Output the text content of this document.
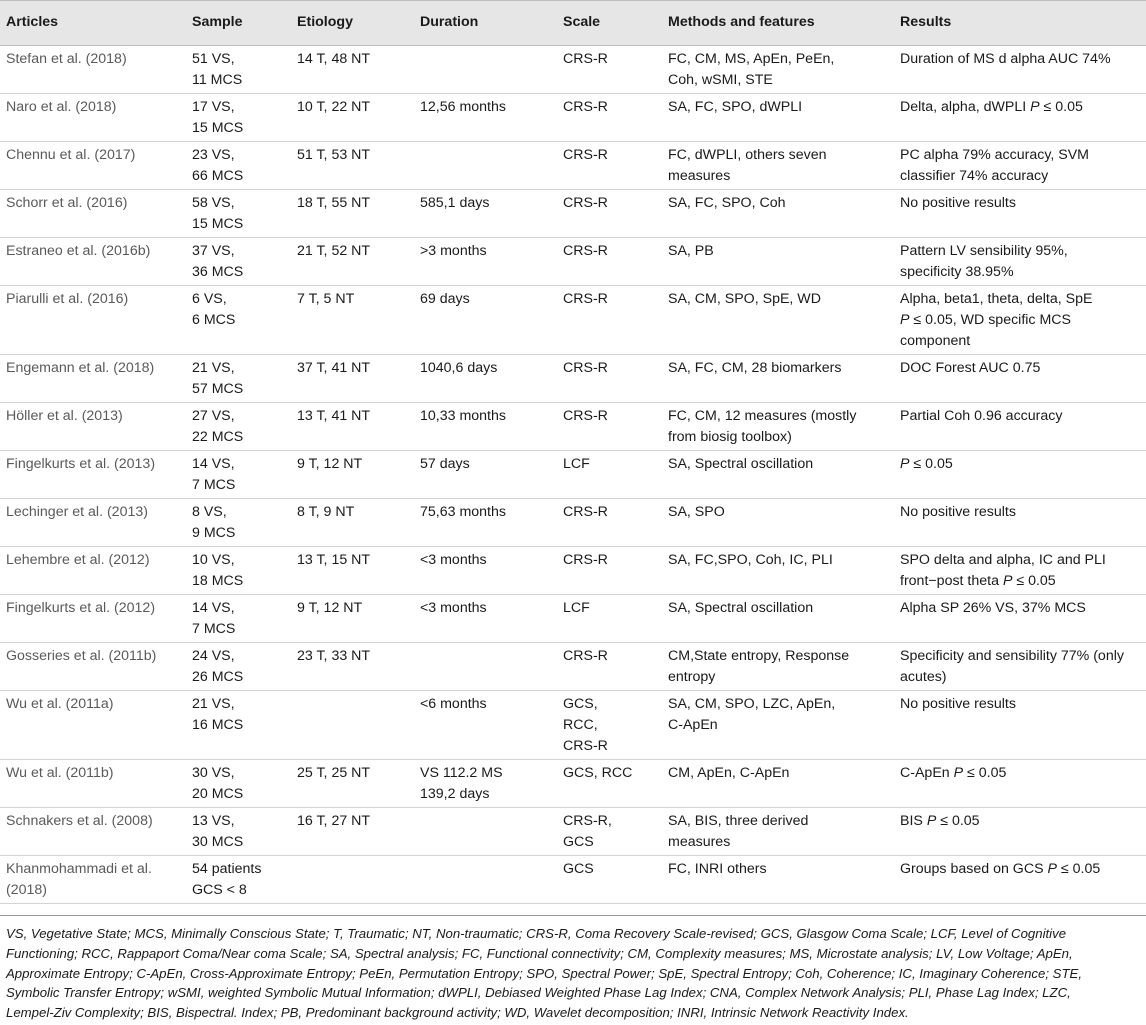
Articles	Sample	Etiology	Duration	Scale	Methods and features	Results

Stefan et al. (2018)	51 VS,
11 MCS	14 T, 48 NT		CRS-R	FC, CM, MS, ApEn, PeEn,
Coh, wSMI, STE	Duration of MS d alpha AUC 74%

Naro et al. (2018)	17 VS,
15 MCS	10 T, 22 NT	12,56 months	CRS-R	SA, FC, SPO, dWPLI	Delta, alpha, dWPLI P ≤ 0.05

Chennu et al. (2017)	23 VS,
66 MCS	51 T, 53 NT		CRS-R	FC, dWPLI, others seven
measures	PC alpha 79% accuracy, SVM
classifier 74% accuracy

Schorr et al. (2016)	58 VS,
15 MCS	18 T, 55 NT	585,1 days	CRS-R	SA, FC, SPO, Coh	No positive results

Estraneo et al. (2016b)	37 VS,
36 MCS	21 T, 52 NT	>3 months	CRS-R	SA, PB	Pattern LV sensibility 95%,
specificity 38.95%

Piarulli et al. (2016)	6 VS,
6 MCS	7 T, 5 NT	69 days	CRS-R	SA, CM, SPO, SpE, WD	Alpha, beta1, theta, delta, SpE
P ≤ 0.05, WD specific MCS
component

Engemann et al. (2018)	21 VS,
57 MCS	37 T, 41 NT	1040,6 days	CRS-R	SA, FC, CM, 28 biomarkers	DOC Forest AUC 0.75

Höller et al. (2013)	27 VS,
22 MCS	13 T, 41 NT	10,33 months	CRS-R	FC, CM, 12 measures (mostly
from biosig toolbox)	Partial Coh 0.96 accuracy

Fingelkurts et al. (2013)	14 VS,
7 MCS	9 T, 12 NT	57 days	LCF	SA, Spectral oscillation	P ≤ 0.05

Lechinger et al. (2013)	8 VS,
9 MCS	8 T, 9 NT	75,63 months	CRS-R	SA, SPO	No positive results

Lehembre et al. (2012)	10 VS,
18 MCS	13 T, 15 NT	<3 months	CRS-R	SA, FC,SPO, Coh, IC, PLI	SPO delta and alpha, IC and PLI
front−post theta P ≤ 0.05

Fingelkurts et al. (2012)	14 VS,
7 MCS	9 T, 12 NT	<3 months	LCF	SA, Spectral oscillation	Alpha SP 26% VS, 37% MCS

Gosseries et al. (2011b)	24 VS,
26 MCS	23 T, 33 NT		CRS-R	CM,State entropy, Response
entropy	Specificity and sensibility 77% (only
acutes)

Wu et al. (2011a)	21 VS,
16 MCS		<6 months	GCS,
RCC,
CRS-R	SA, CM, SPO, LZC, ApEn,
C-ApEn	No positive results

Wu et al. (2011b)	30 VS,
20 MCS	25 T, 25 NT	VS 112.2 MS
139,2 days	GCS, RCC	CM, ApEn, C-ApEn	C-ApEn P ≤ 0.05

Schnakers et al. (2008)	13 VS,
30 MCS	16 T, 27 NT		CRS-R,
GCS	SA, BIS, three derived
measures	BIS P ≤ 0.05

Khanmohammadi et al.
(2018)	54 patients
GCS < 8			GCS	FC, INRI others	Groups based on GCS P ≤ 0.05
VS, Vegetative State; MCS, Minimally Conscious State; T, Traumatic; NT, Non-traumatic; CRS-R, Coma Recovery Scale-revised; GCS, Glasgow Coma Scale; LCF, Level of Cognitive
Functioning; RCC, Rappaport Coma/Near coma Scale; SA, Spectral analysis; FC, Functional connectivity; CM, Complexity measures; MS, Microstate analysis; LV, Low Voltage; ApEn,
Approximate Entropy; C-ApEn, Cross-Approximate Entropy; PeEn, Permutation Entropy; SPO, Spectral Power; SpE, Spectral Entropy; Coh, Coherence; IC, Imaginary Coherence; STE,
Symbolic Transfer Entropy; wSMI, weighted Symbolic Mutual Information; dWPLI, Debiased Weighted Phase Lag Index; CNA, Complex Network Analysis; PLI, Phase Lag Index; LZC,
Lempel-Ziv Complexity; BIS, Bispectral. Index; PB, Predominant background activity; WD, Wavelet decomposition; INRI, Intrinsic Network Reactivity Index.
